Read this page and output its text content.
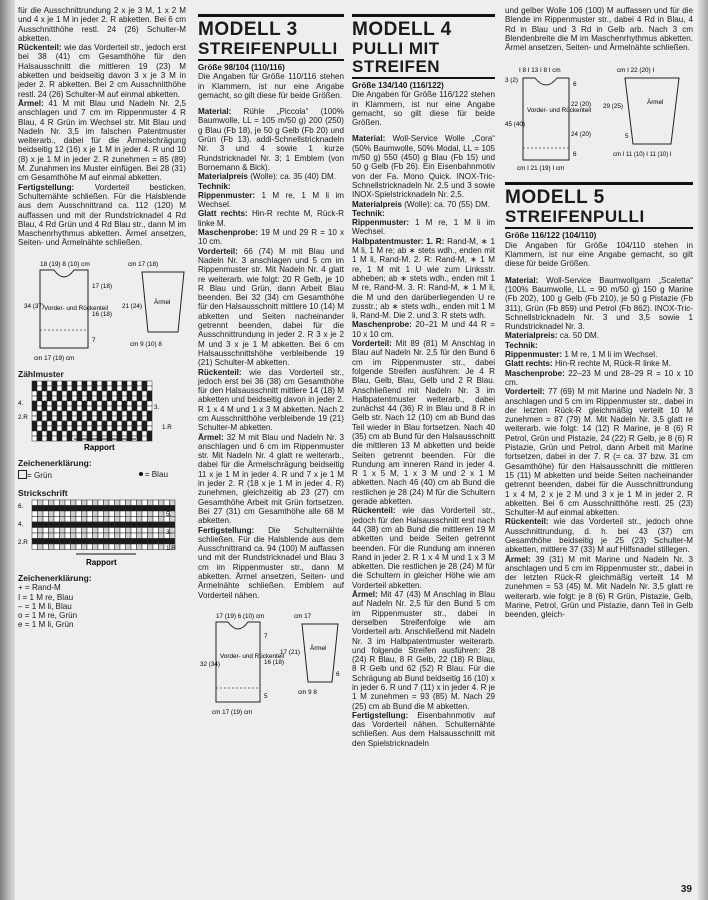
für die Ausschnittrundung 2 x je 3 M, 1 x 2 M und 4 x je 1 M in jeder 2. R abketten. Bei 6 cm Ausschnitthöhe restl. 24 (26) Schulter-M abketten.

Rückenteil: wie das Vorderteil str., jedoch erst bei 38 (41) cm Gesamthöhe für den Halsausschnitt die mittleren 19 (23) M abketten und beidseitig davon 3 x je 3 M in jeder 2. R abketten. Bei 2 cm Ausschnitthöhe restl. 24 (26) Schulter-M auf einmal abketten.

Ärmel: 41 M mit Blau und Nadeln Nr. 2,5 anschlagen und 7 cm im Rippenmuster 4 R Blau, 4 R Grün im Wechsel str. Mit Blau und Nadeln Nr. 3,5 im falschen Patentmuster weiterarb., dabei für die Ärmelschrägung beidseitig 12 (16) x je 1 M in jeder 4. R und 10 (8) x je 1 M in jeder 2. R zunehmen = 85 (89) M. Zunahmen ins Muster einfügen. Bei 28 (31) cm Gesamthöhe M auf einmal abketten.

Fertigstellung:	Vorderteil besticken. Schulternähte schließen. Für die Halsblende aus dem Ausschnittrand ca. 112 (120) M auffassen und mit der Rundstricknadel 4 Rd Blau, 4 Rd Grün und 4 Rd Blau str., dann M im Maschenrhythmus abketten. Ärmel ansetzen, Seiten- und Ärmelnähte schließen.

18 (19) 8 (10) cm
34 (37) Vorder- und Rückenteil
17 (18)
16 (18)
7
cm 17 (19) cm
cm 17 (18)
21 (24)
Ärmel
cm 9 (10) 8
Zählmuster
4.
2.R
3.
1.R
Rapport
Zeichenerklärung:
= Grün	= Blau
Strickschrift
6.
4.
2.R
5.
3.
1.R
Rapport
Zeichenerklärung:
+ = Rand-M
I = 1 M re, Blau
– = 1 M li, Blau
o = 1 M re, Grün
e = 1 M li, Grün
MODELL 3
STREIFENPULLI

Größe 98/104 (110/116)

Die Angaben für Größe 110/116 stehen in Klammern, ist nur eine Angabe gemacht, so gilt diese für beide Größen.

Material: Rühle „Piccola“ (100% Baumwolle, LL = 105 m/50 g) 200 (250) g Blau (Fb 18), je 50 g Gelb (Fb 20) und Grün (Fb 13). addi-Schnellstricknadeln Nr. 3 und 4 sowie 1 kurze Rundstricknadel Nr. 3; 1 Emblem (von Bornemann & Bick).

Materialpreis (Wolle): ca. 35 (40) DM.

Technik:

Rippenmuster: 1 M re, 1 M li im Wechsel.

Glatt rechts: Hin-R rechte M, Rück-R linke M.

Maschenprobe: 19 M und 29 R = 10 x 10 cm.

Vorderteil: 66 (74) M mit Blau und Nadeln Nr. 3 anschlagen und 5 cm im Rippenmuster str. Mit Nadeln Nr. 4 glatt re weiterarb. wie folgt: 20 R Gelb, je 10 R Blau und Grün, dann Arbeit Blau beenden. Bei 32 (34) cm Gesamthöhe für den Halsausschnitt mittlere 10 (14) M abketten und Seiten nacheinander getrennt beenden, dabei für die Ausschnittrundung in jeder 2. R 3 x je 2 M und 3 x je 1 M abketten. Bei 6 cm Halsausschnittshöhe verbleibende 19 (21) Schulter-M abketten.

Rückenteil: wie das Vorderteil str., jedoch erst bei 36 (38) cm Gesamthöhe für den Halsausschnitt mittlere 14 (18) M abketten und beidseitig davon in jeder 2. R 1 x 4 M und 1 x 3 M abketten. Nach 2 cm Ausschnitthöhe verbleibende 19 (21) Schulter-M abketten.

Ärmel: 32 M mit Blau und Nadeln Nr. 3 anschlagen und 6 cm im Rippenmuster str. Mit Nadeln Nr. 4 glatt re weiterarb., dabei für die Ärmelschrägung beidseitig 11 x je 1 M in jeder 4. R und 7 x je 1 M in jeder 2. R (18 x je 1 M in jeder 4. R) zunehmen, gleichzeitig ab 23 (27) cm Gesamthöhe Arbeit mit Grün fortsetzen. Bei 27 (31) cm Gesamthöhe alle 68 M abketten.

Fertigstellung: Die Schulternähte schließen. Für die Halsblende aus dem Ausschnittrand ca. 94 (100) M auffassen und mit der Rundstricknadel und Blau 3 cm im Rippenmuster str., dann M abketten. Ärmel ansetzen, Seiten- und Ärmelnähte schließen. Emblem auf Vorderteil nähen.

17 (19) 6 (10) cm
32 (34)
Vorder- und Rückenteil
7
16 (18)
5
cm 17 (19) cm
cm 17
17 (21)
Ärmel
6
cm 9 8
MODELL 4
PULLI MIT
STREIFEN

Größe 134/140 (116/122)

Die Angaben für Größe 116/122 stehen in Klammern, ist nur eine Angabe gemacht, so gilt diese für beide Größen.

Material: Woll-Service Wolle „Cora“ (50% Baumwolle, 50% Modal, LL = 105 m/50 g) 550 (450) g Blau (Fb 15) und 50 g Gelb (Fb 26). Ein Eisenbahnmotiv von der Fa. Mono Quick. INOX-Tric-Schnellstricknadeln Nr. 2,5 und 3 sowie INOX-Spielstricknadeln Nr. 2,5.

Materialpreis (Wolle): ca. 70 (55) DM.

Technik:

Rippenmuster: 1 M re, 1 M li im Wechsel.

Halbpatentmuster: 1. R: Rand-M, ∗ 1 M li, 1 M re; ab ∗ stets wdh., enden mit 1 M li, Rand-M. 2. R: Rand-M, ∗ 1 M re, 1 M mit 1 U wie zum Linksstr. abheben; ab ∗ stets wdh., enden mit 1 M re, Rand-M. 3. R: Rand-M, ∗ 1 M li, die M und den darüberliegenden U re zusstr.; ab ∗ stets wdh., enden mit 1 M li, Rand-M. Die 2. und 3. R stets wdh.

Maschenprobe: 20–21 M und 44 R = 10 x 10 cm.

Vorderteil: Mit 89 (81) M Anschlag in Blau auf Nadeln Nr. 2,5 für den Bund 6 cm im Rippenmuster str., dabei folgende Streifen ausführen: Je 4 R Blau, Gelb, Blau, Gelb und 2 R Blau. Anschließend mit Nadeln Nr. 3 im Halbpatentmuster weiterarb., dabei zunächst 44 (36) R in Blau und 8 R in Gelb str. Nach 12 (10) cm ab Bund das Teil wieder in Blau fortsetzen. Nach 40 (35) cm ab Bund für den Halsausschnitt die mittleren 13 M abketten und beide Seiten getrennt beenden. Für die Rundung am inneren Rand in jeder 4. R 1 x 5 M, 1 x 3 M und 2 x 1 M abketten. Nach 46 (40) cm ab Bund die restlichen je 28 (24) M für die Schultern gerade abketten.

Rückenteil: wie das Vorderteil str., jedoch für den Halsausschnitt erst nach 44 (38) cm ab Bund die mittleren 19 M abketten und beide Seiten getrennt beenden. Für die Rundung am inneren Rand in jeder 2. R 1 x 4 M und 1 x 3 M abketten. Die restlichen je 28 (24) M für die Schultern in gleicher Höhe wie am Vorderteil abketten.

Ärmel: Mit 47 (43) M Anschlag in Blau auf Nadeln Nr. 2,5 für den Bund 5 cm im Rippenmuster str., dabei in derselben Streifenfolge wie am Vorderteil arb. Anschließend mit Nadeln Nr. 3 im Halbpatentmuster weiterarb. und folgende Streifen ausführen: 28 (24) R Blau, 8 R Gelb, 22 (18) R Blau, 8 R Gelb und 62 (52) R Blau. Für die Schrägung ab Bund beidseitig 16 (10) x in jeder 6. R und 7 (11) x in jeder 4. R je 1 M zunehmen = 93 (85) M. Nach 29 (25) cm ab Bund die M abketten.

Fertigstellung: Eisenbahnmotiv auf das Vorderteil nähen. Schulternähte schließen. Aus dem Halsausschnitt mit den Spielstricknadeln

und gelber Wolle 106 (100) M auffassen und für die Blende im Rippenmuster str., dabei 4 Rd in Blau, 4 Rd in Blau und 3 Rd in Gelb arb. Nach 3 cm Blendenbreite die M im Maschenrhythmus abketten. Ärmel ansetzen, Seiten- und Ärmelnähte schließen.

I 8 I 13 I 8 I cm
3 (2)
45 (40)
Vorder- und Rückenteil
6
22 (20)
24 (20)
6
cm I 21 (19) I cm
cm I 22 (20) I
29 (25)
Ärmel
5
cm I 11 (10) I 11 (10) I
MODELL 5
STREIFENPULLI

Größe 116/122 (104/110)

Die Angaben für Größe 104/110 stehen in Klammern, ist nur eine Angabe gemacht, so gilt diese für beide Größen.

Material: Woll-Service Baumwollgarn „Scaletta“ (100% Baumwolle, LL = 90 m/50 g) 150 g Marine (Fb 202), 100 g Gelb (Fb 210), je 50 g Pistazie (Fb 311), Grün (Fb 859) und Petrol (Fb 862). INOX-Tric-Schnellstricknadeln Nr. 3 und 3,5 sowie 1 Rundstricknadel Nr. 3.

Materialpreis: ca. 50 DM.

Technik:

Rippenmuster: 1 M re, 1 M li im Wechsel.

Glatt rechts: Hin-R rechte M, Rück-R linke M.

Maschenprobe: 22–23 M und 28–29 R = 10 x 10 cm.

Vorderteil: 77 (69) M mit Marine und Nadeln Nr. 3 anschlagen und 5 cm im Rippenmuster str., dabei in der letzten Rück-R gleichmäßig verteilt 10 M zunehmen = 87 (79) M. Mit Nadeln Nr. 3,5 glatt re weiterarb. wie folgt: 14 (12) R Marine, je 8 (6) R Petrol, Grün und Pistazie, 24 (22) R Gelb, je 8 (6) R Pistazie, Grün und Petrol, dann Arbeit mit Marine fortsetzen, dabei in der 7. R (= ca. 37 bzw. 31 cm Gesamthöhe) für den Halsausschnitt die mittleren 15 (11) M abketten und beide Seiten nacheinander getrennt beenden, dabei für die Ausschnittrundung 1 x 4 M, 2 x je 2 M und 3 x je 1 M in jeder 2. R abketten. Bei 6 cm Ausschnitthöhe restl. 25 (23) Schulter-M auf einmal abketten.

Rückenteil: wie das Vorderteil str., jedoch ohne Ausschnittrundung, d. h. bei 43 (37) cm Gesamthöhe beidseitig je 25 (23) Schulter-M abketten, mittlere 37 (33) M auf Hilfsnadel stillegen.

Ärmel: 39 (31) M mit Marine und Nadeln Nr. 3 anschlagen und 5 cm im Rippenmuster str., dabei in der letzten Rück-R gleichmäßig verteilt 14 M zunehmen = 53 (45) M. Mit Nadeln Nr. 3,5 glatt re weiterarb. wie folgt: je 8 (6) R Grün, Pistazie, Gelb, Marine, Petrol, Grün und Pistazie, dann Teil in Gelb beenden, gleich-

39
